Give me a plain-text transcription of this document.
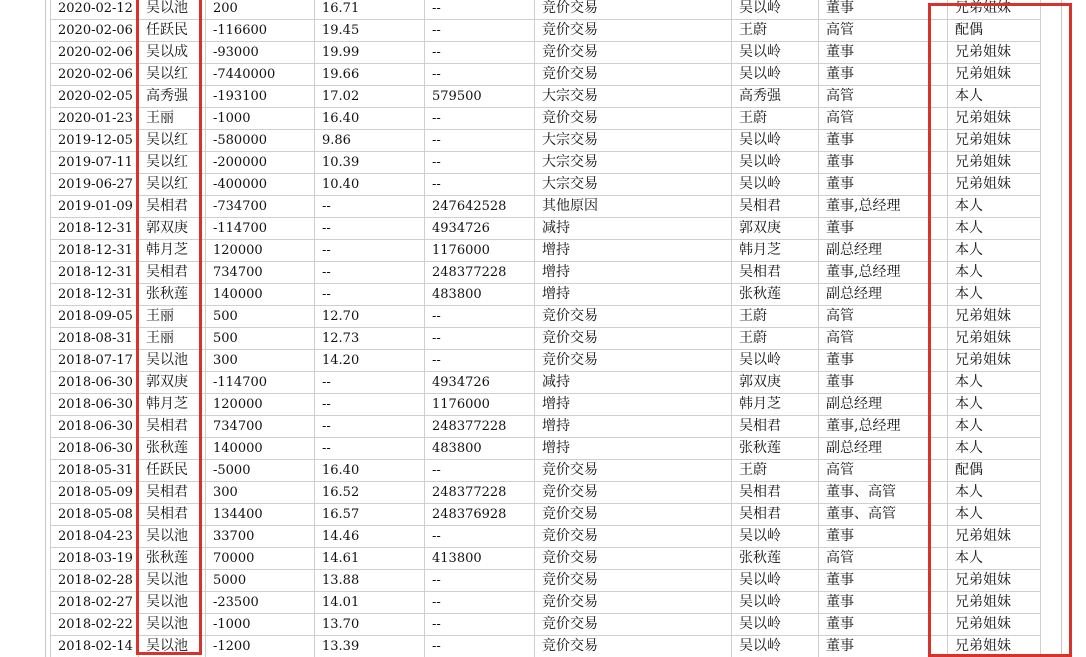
2020-02-12	吴以池	200	16.71	--	竞价交易	吴以岭	董事	兄弟姐妹
2020-02-06	任跃民	-116600	19.45	--	竞价交易	王蔚	高管	配偶
2020-02-06	吴以成	-93000	19.99	--	竞价交易	吴以岭	董事	兄弟姐妹
2020-02-06	吴以红	-7440000	19.66	--	竞价交易	吴以岭	董事	兄弟姐妹
2020-02-05	高秀强	-193100	17.02	579500	大宗交易	高秀强	高管	本人
2020-01-23	王丽	-1000	16.40	--	竞价交易	王蔚	高管	兄弟姐妹
2019-12-05	吴以红	-580000	9.86	--	大宗交易	吴以岭	董事	兄弟姐妹
2019-07-11	吴以红	-200000	10.39	--	大宗交易	吴以岭	董事	兄弟姐妹
2019-06-27	吴以红	-400000	10.40	--	大宗交易	吴以岭	董事	兄弟姐妹
2019-01-09	吴相君	-734700	--	247642528	其他原因	吴相君	董事,总经理	本人
2018-12-31	郭双庚	-114700	--	4934726	减持	郭双庚	董事	本人
2018-12-31	韩月芝	120000	--	1176000	增持	韩月芝	副总经理	本人
2018-12-31	吴相君	734700	--	248377228	增持	吴相君	董事,总经理	本人
2018-12-31	张秋莲	140000	--	483800	增持	张秋莲	副总经理	本人
2018-09-05	王丽	500	12.70	--	竞价交易	王蔚	高管	兄弟姐妹
2018-08-31	王丽	500	12.73	--	竞价交易	王蔚	高管	兄弟姐妹
2018-07-17	吴以池	300	14.20	--	竞价交易	吴以岭	董事	兄弟姐妹
2018-06-30	郭双庚	-114700	--	4934726	减持	郭双庚	董事	本人
2018-06-30	韩月芝	120000	--	1176000	增持	韩月芝	副总经理	本人
2018-06-30	吴相君	734700	--	248377228	增持	吴相君	董事,总经理	本人
2018-06-30	张秋莲	140000	--	483800	增持	张秋莲	副总经理	本人
2018-05-31	任跃民	-5000	16.40	--	竞价交易	王蔚	高管	配偶
2018-05-09	吴相君	300	16.52	248377228	竞价交易	吴相君	董事、高管	本人
2018-05-08	吴相君	134400	16.57	248376928	竞价交易	吴相君	董事、高管	本人
2018-04-23	吴以池	33700	14.46	--	竞价交易	吴以岭	董事	兄弟姐妹
2018-03-19	张秋莲	70000	14.61	413800	竞价交易	张秋莲	高管	本人
2018-02-28	吴以池	5000	13.88	--	竞价交易	吴以岭	董事	兄弟姐妹
2018-02-27	吴以池	-23500	14.01	--	竞价交易	吴以岭	董事	兄弟姐妹
2018-02-22	吴以池	-1000	13.70	--	竞价交易	吴以岭	董事	兄弟姐妹
2018-02-14	吴以池	-1200	13.39	--	竞价交易	吴以岭	董事	兄弟姐妹
